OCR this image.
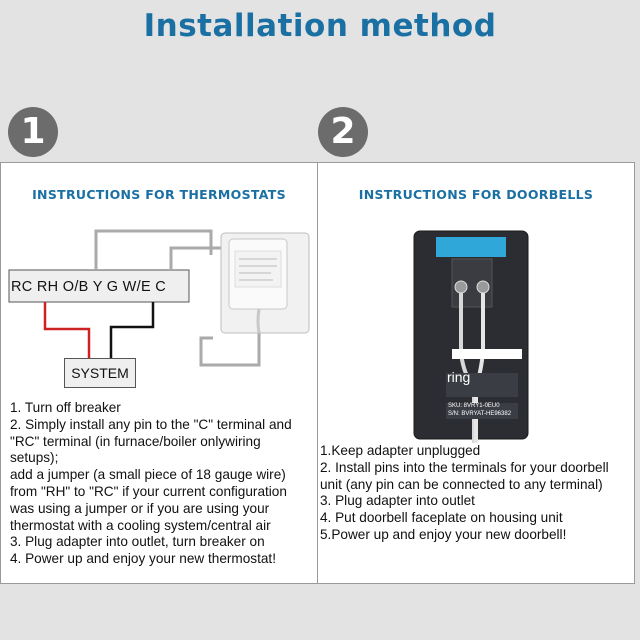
Installation method
1	2
INSTRUCTIONS FOR THERMOSTATS
RC RH O/B Y G W/E C
SYSTEM
1. Turn off breaker
2. Simply install any pin to the "C" terminal and "RC" terminal (in furnace/boiler onlywiring setups);
add a jumper (a small piece of 18 gauge wire) from "RH" to "RC" if your current configuration was using a jumper or if you are using your thermostat with a cooling system/central air
3. Plug adapter into outlet, turn breaker on
4. Power up and enjoy your new thermostat!
INSTRUCTIONS FOR DOORBELLS
ring
SKU: 8VRY1-0EU0
S/N: BVRYAT-HE96382
1.Keep adapter unplugged
2. Install pins into the terminals for your doorbell unit (any pin can be connected to any terminal)
3. Plug adapter into outlet
4. Put doorbell faceplate on housing unit
5.Power up and enjoy your new doorbell!
